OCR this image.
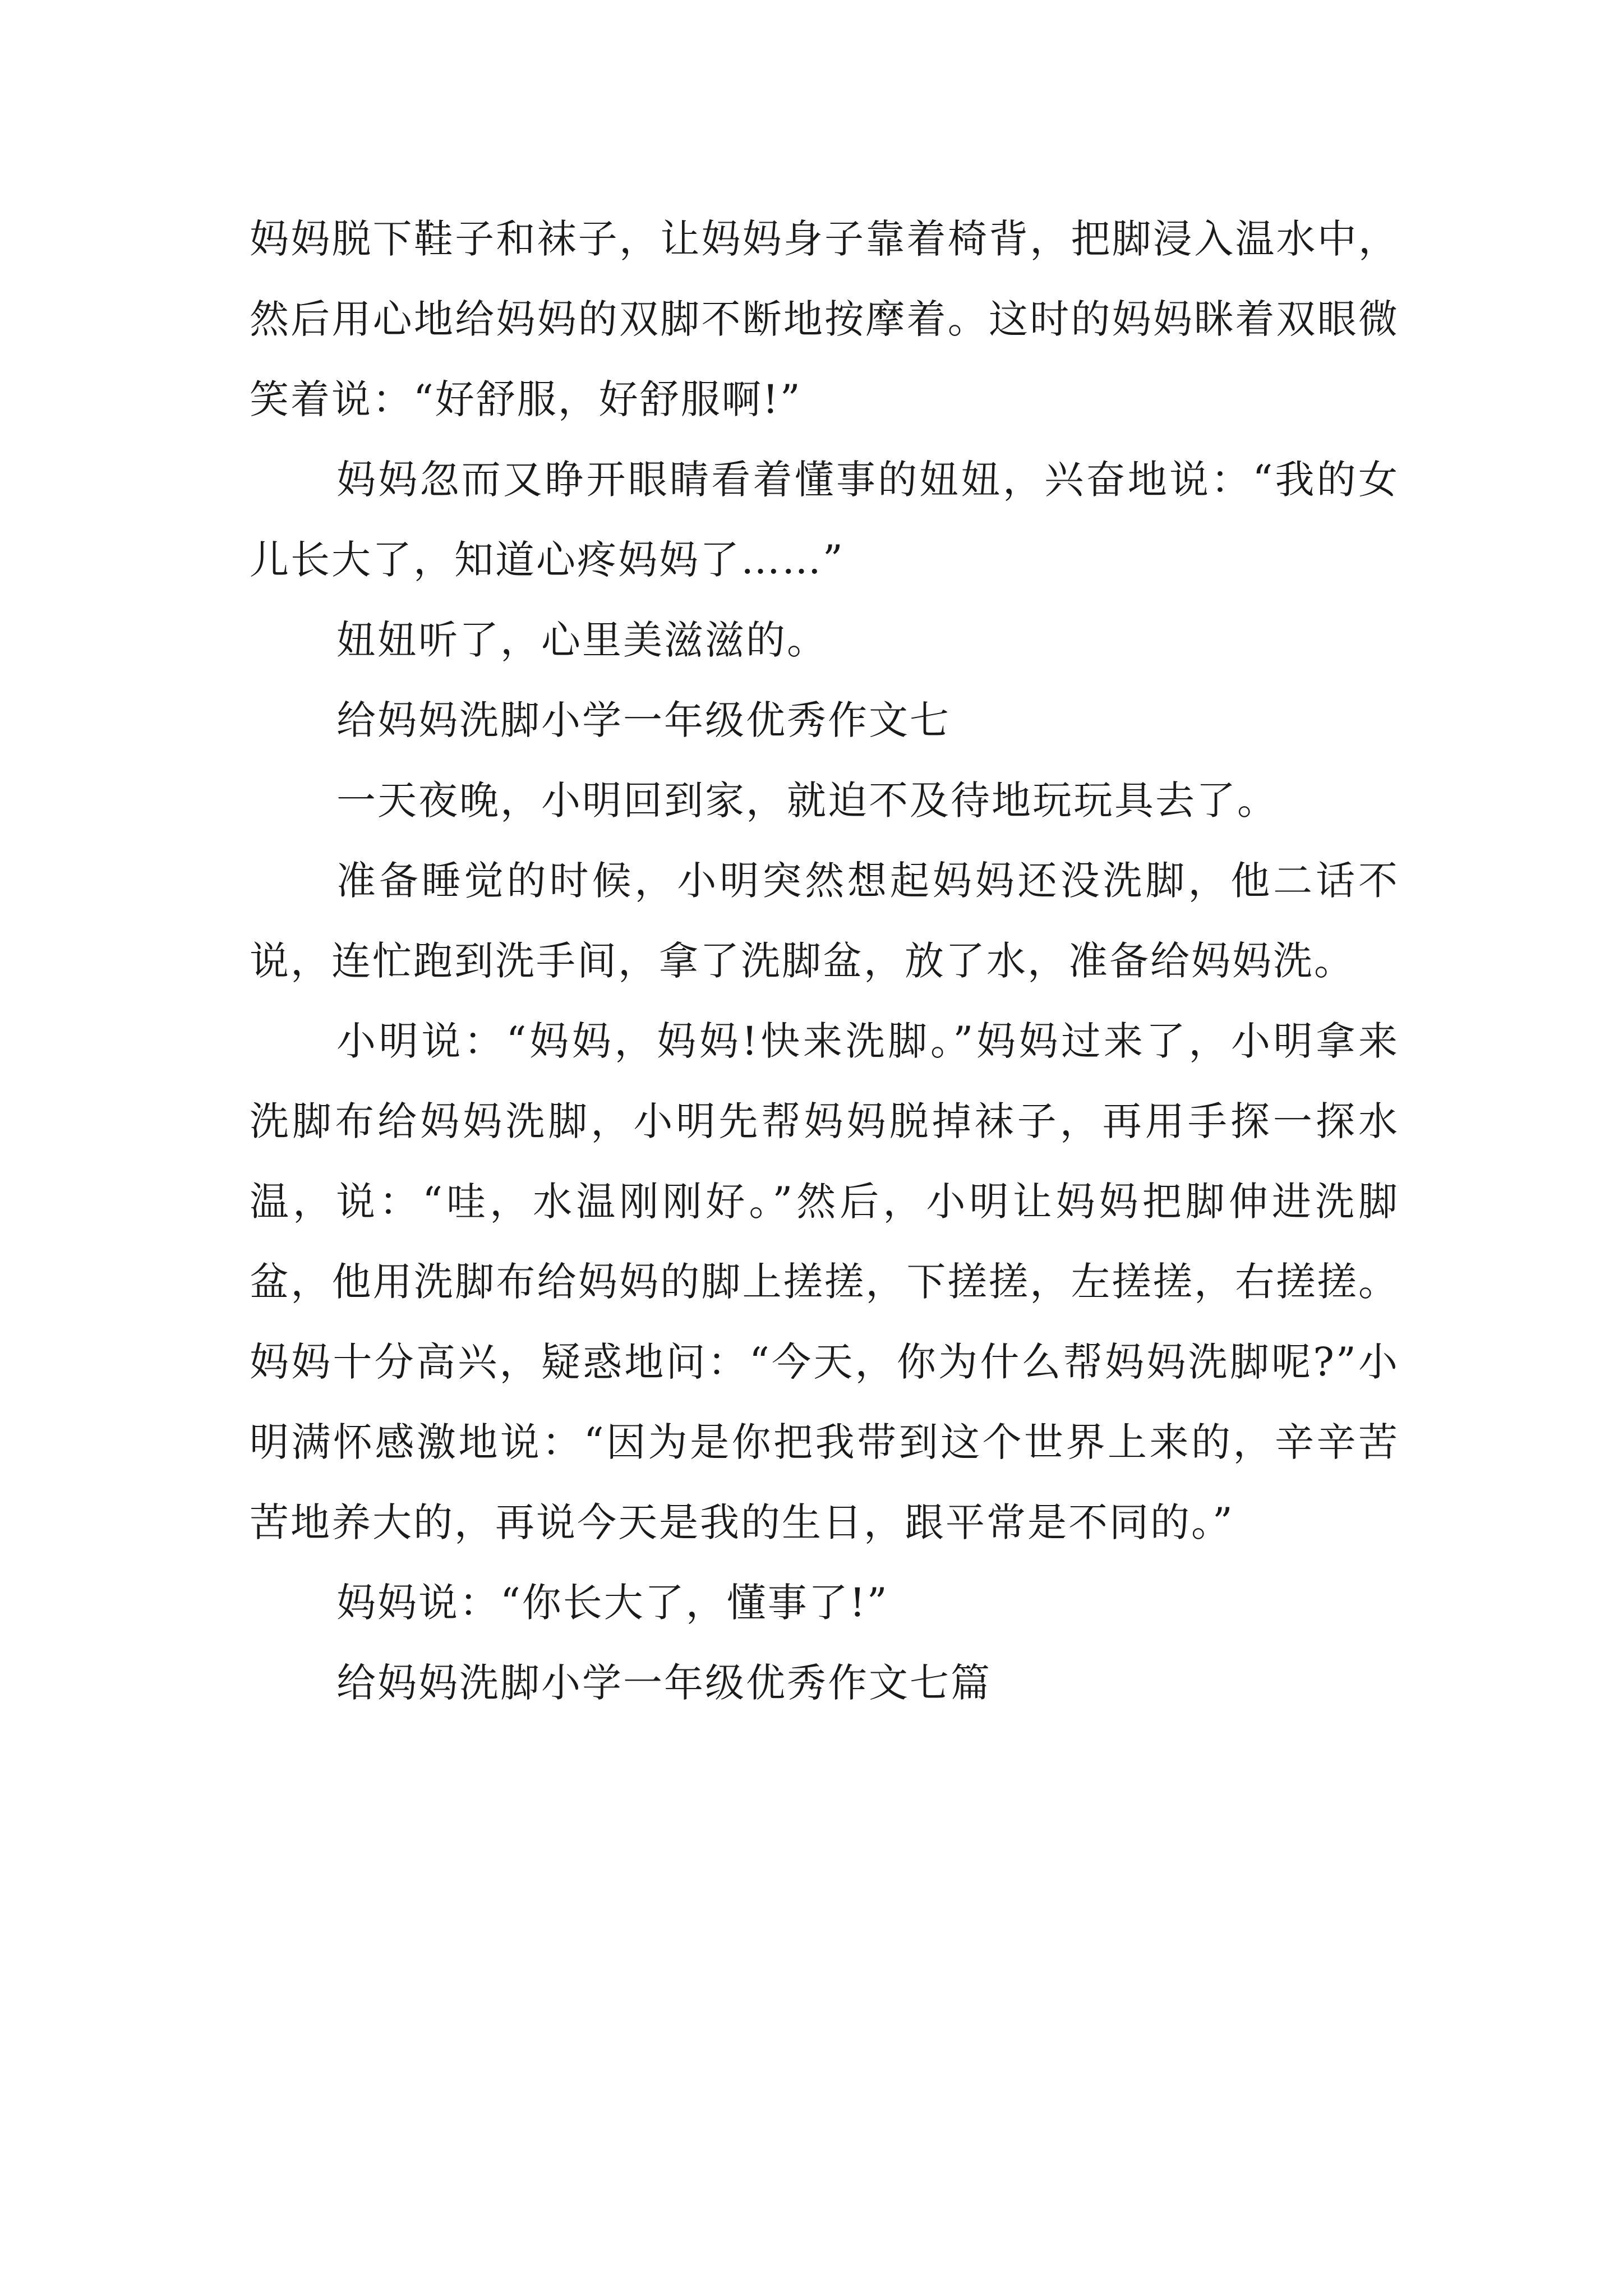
妈妈脱下鞋子和袜子，让妈妈身子靠着椅背，把脚浸入温水中，然后用心地给妈妈的双脚不断地按摩着。这时的妈妈眯着双眼微笑着说：“好舒服，好舒服啊!”

妈妈忽而又睁开眼睛看着懂事的妞妞，兴奋地说：“我的女儿长大了，知道心疼妈妈了……”

妞妞听了，心里美滋滋的。

给妈妈洗脚小学一年级优秀作文七

一天夜晚，小明回到家，就迫不及待地玩玩具去了。

准备睡觉的时候，小明突然想起妈妈还没洗脚，他二话不说，连忙跑到洗手间，拿了洗脚盆，放了水，准备给妈妈洗。

小明说：“妈妈，妈妈!快来洗脚。”妈妈过来了，小明拿来洗脚布给妈妈洗脚，小明先帮妈妈脱掉袜子，再用手探一探水温，说：“哇，水温刚刚好。”然后，小明让妈妈把脚伸进洗脚盆，他用洗脚布给妈妈的脚上搓搓，下搓搓，左搓搓，右搓搓。妈妈十分高兴，疑惑地问：“今天，你为什么帮妈妈洗脚呢?”小明满怀感激地说：“因为是你把我带到这个世界上来的，辛辛苦苦地养大的，再说今天是我的生日，跟平常是不同的。”

妈妈说：“你长大了，懂事了!”

给妈妈洗脚小学一年级优秀作文七篇
